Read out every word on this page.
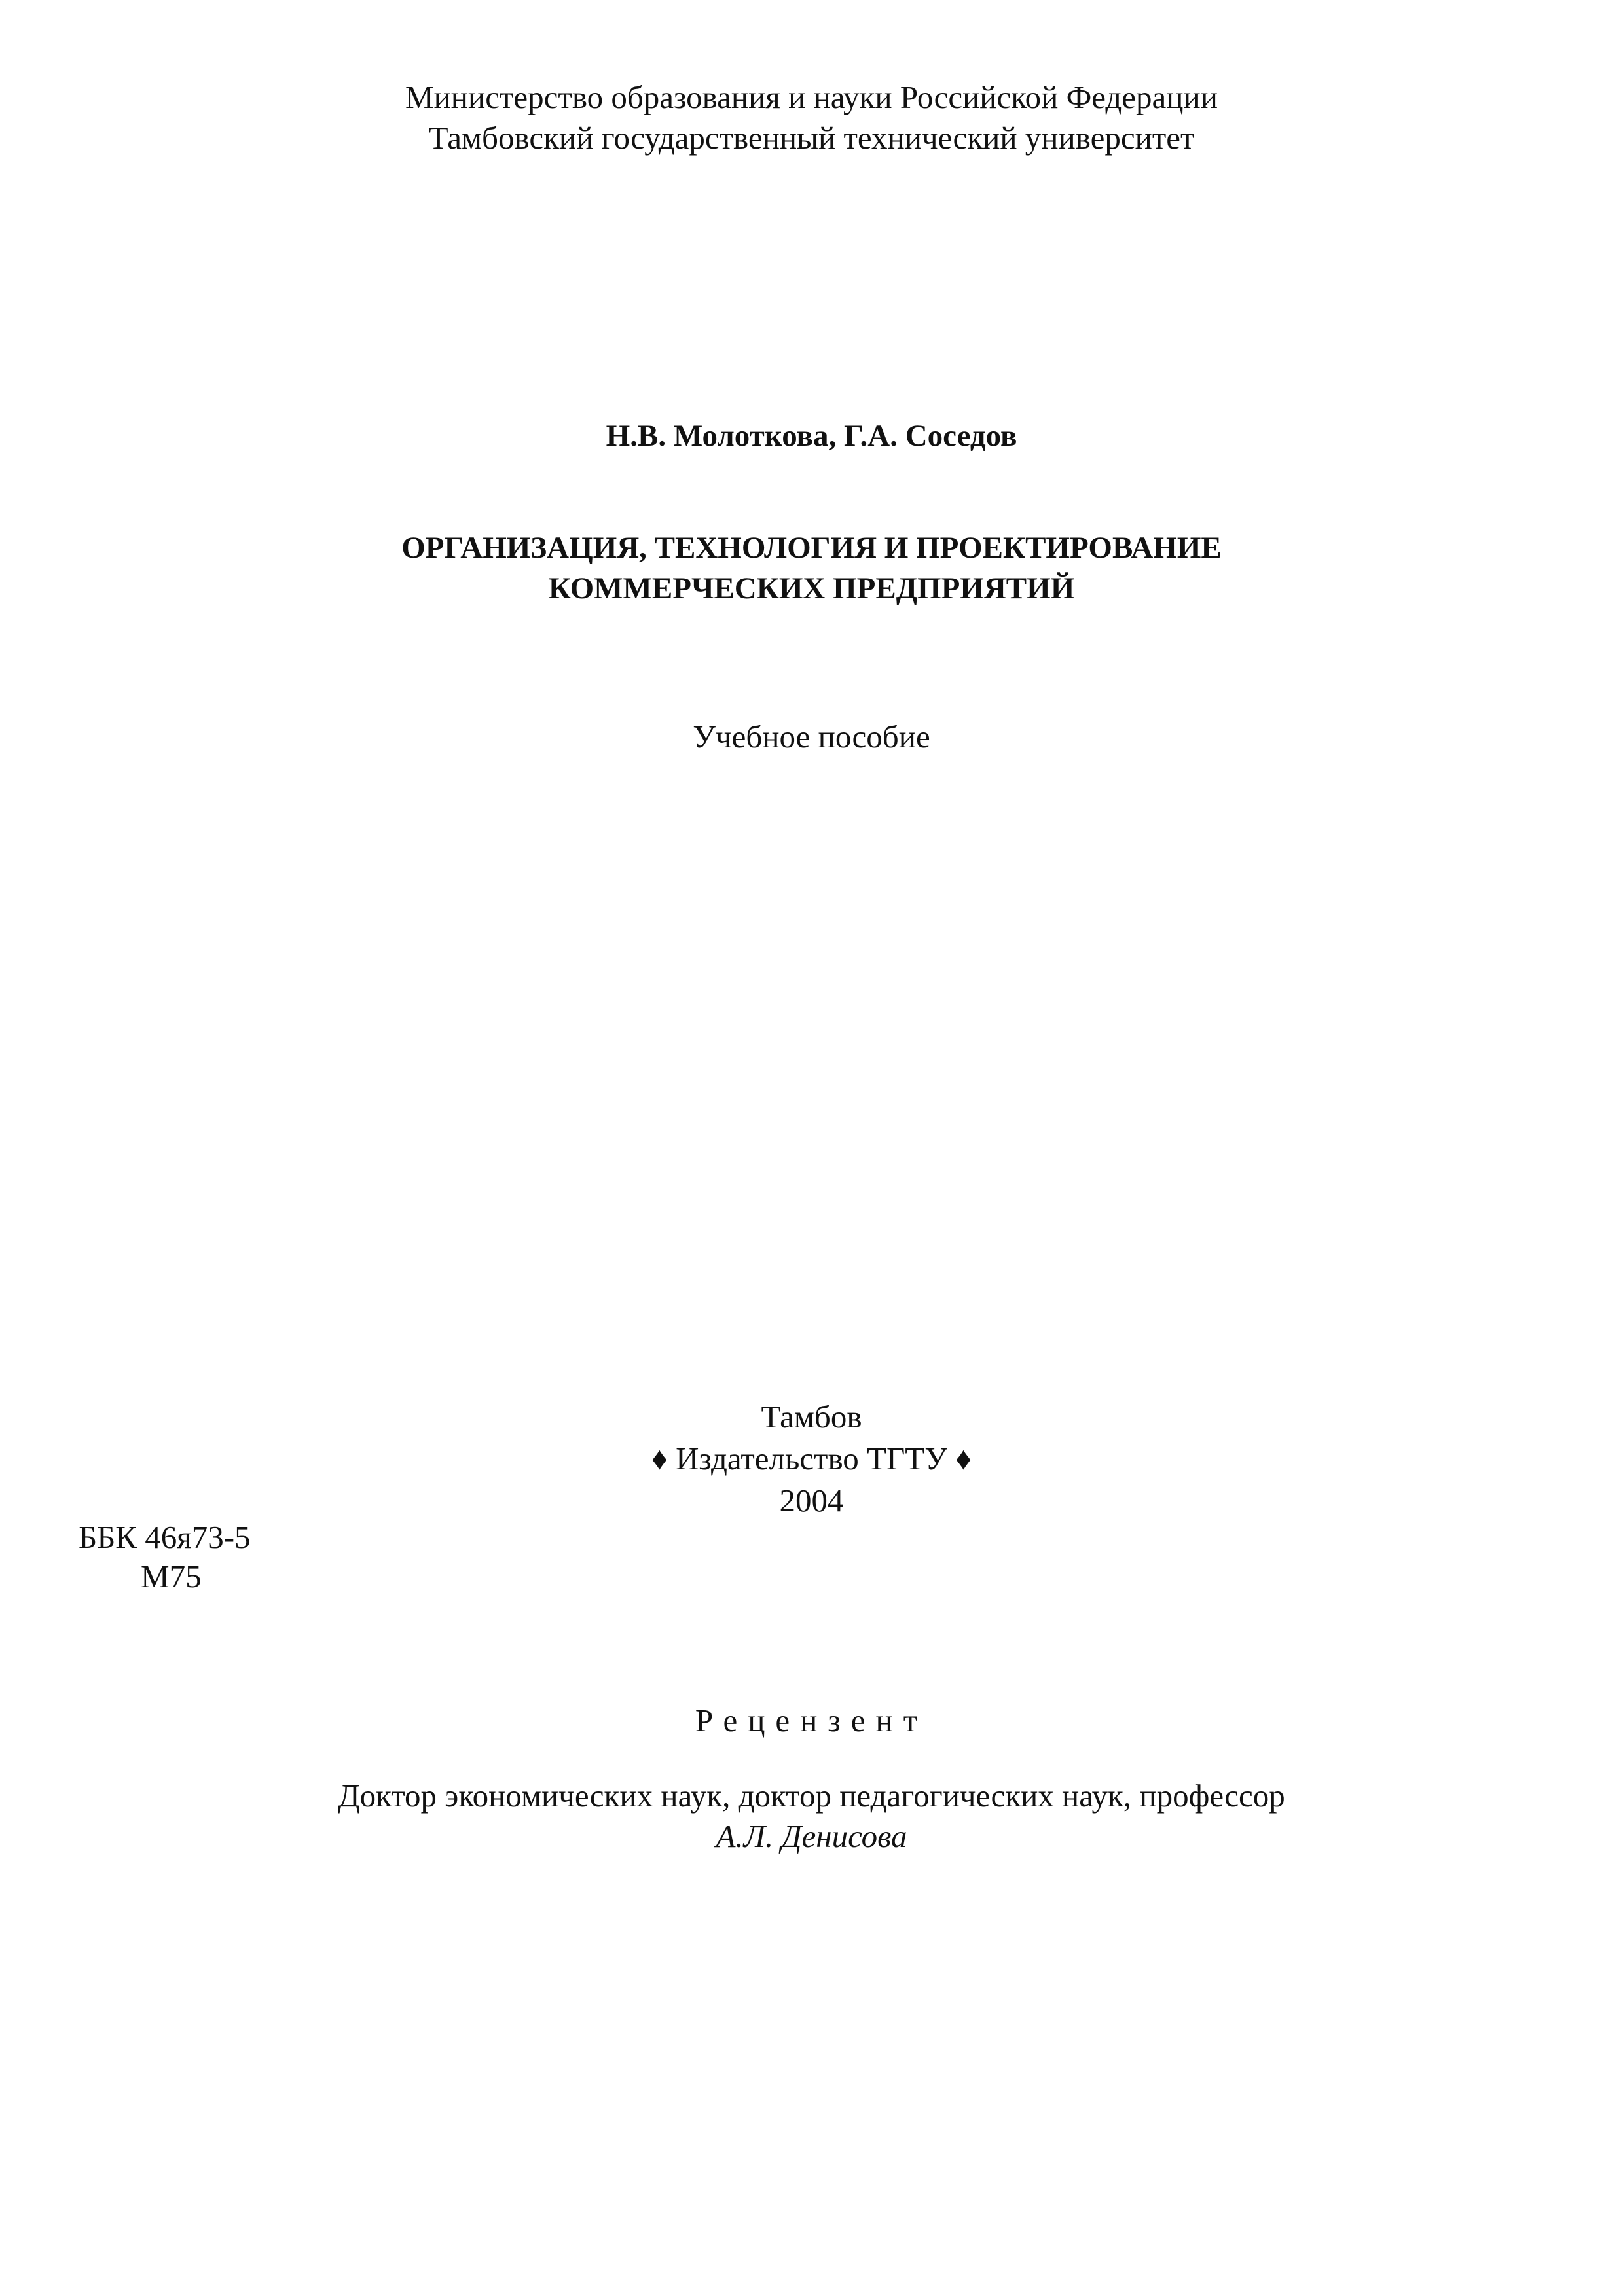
Министерство образования и науки Российской Федерации
Тамбовский государственный технический университет
Н.В. Молоткова, Г.А. Соседов
ОРГАНИЗАЦИЯ, ТЕХНОЛОГИЯ И ПРОЕКТИРОВАНИЕ
КОММЕРЧЕСКИХ ПРЕДПРИЯТИЙ
Учебное пособие
Тамбов
♦ Издательство ТГТУ ♦
2004
ББК 46я73-5
М75
Рецензент
Доктор экономических наук, доктор педагогических наук, профессор
А.Л. Денисова
